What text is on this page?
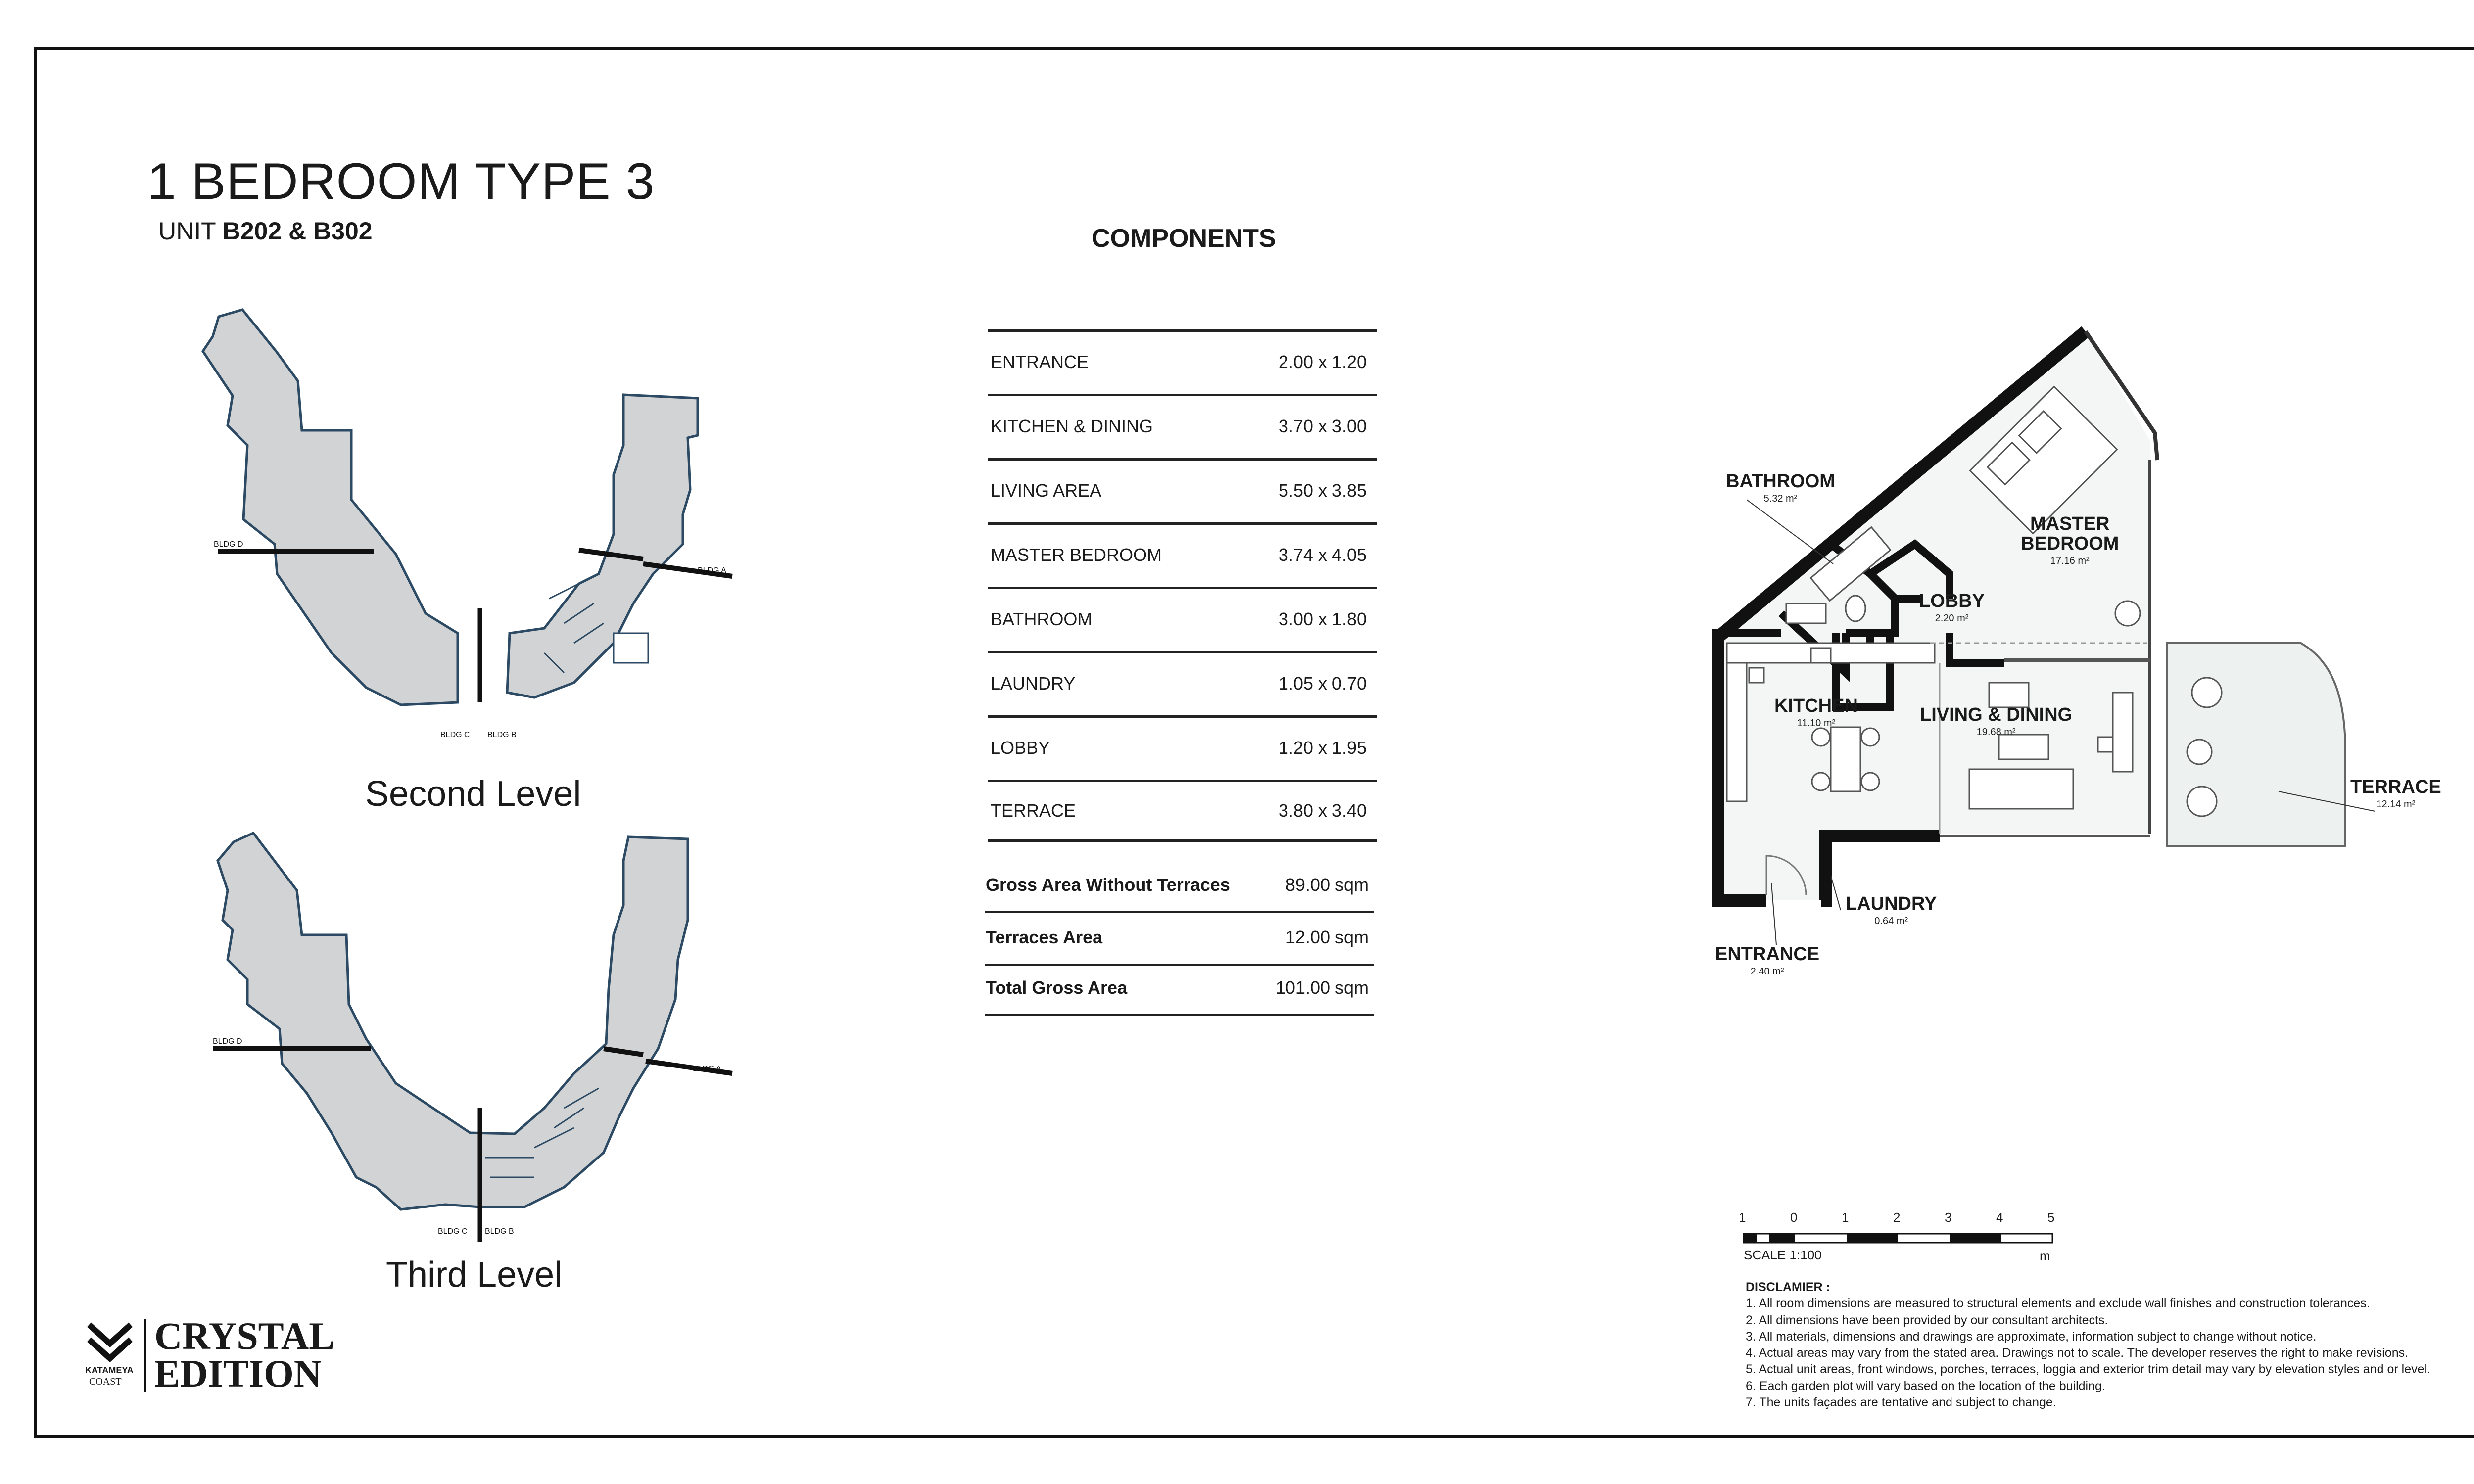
1 BEDROOM TYPE 3
UNIT B202 & B302
BLDG D
BLDG A
BLDG C BLDG B
Second Level
BLDG D
BLDG A
BLDG C BLDG B
Third Level
COMPONENTS
ENTRANCE	2.00 x 1.20
KITCHEN & DINING	3.70 x 3.00
LIVING AREA	5.50 x 3.85
MASTER BEDROOM	3.74 x 4.05
BATHROOM	3.00 x 1.80
LAUNDRY	1.05 x 0.70
LOBBY	1.20 x 1.95
TERRACE	3.80 x 3.40
Gross Area Without Terraces	89.00 sqm
Terraces Area	12.00 sqm
Total Gross Area	101.00 sqm
BATHROOM
5.32 m²
MASTER
BEDROOM
17.16 m²
LOBBY
2.20 m²
KITCHEN
11.10 m²	LIVING & DINING
19.68 m²
TERRACE
12.14 m²
LAUNDRY
0.64 m²
ENTRANCE
2.40 m²
1	0	1	2	3	4	5
SCALE 1:100	m
DISCLAMIER :
1. All room dimensions are measured to structural elements and exclude wall finishes and construction tolerances.
2. All dimensions have been provided by our consultant architects.
3. All materials, dimensions and drawings are approximate, information subject to change without notice.
4. Actual areas may vary from the stated area. Drawings not to scale. The developer reserves the right to make revisions.
5. Actual unit areas, front windows, porches, terraces, loggia and exterior trim detail may vary by elevation styles and or level.
6. Each garden plot will vary based on the location of the building.
7. The units façades are tentative and subject to change.
KATAMEYA
COAST
CRYSTAL
EDITION
